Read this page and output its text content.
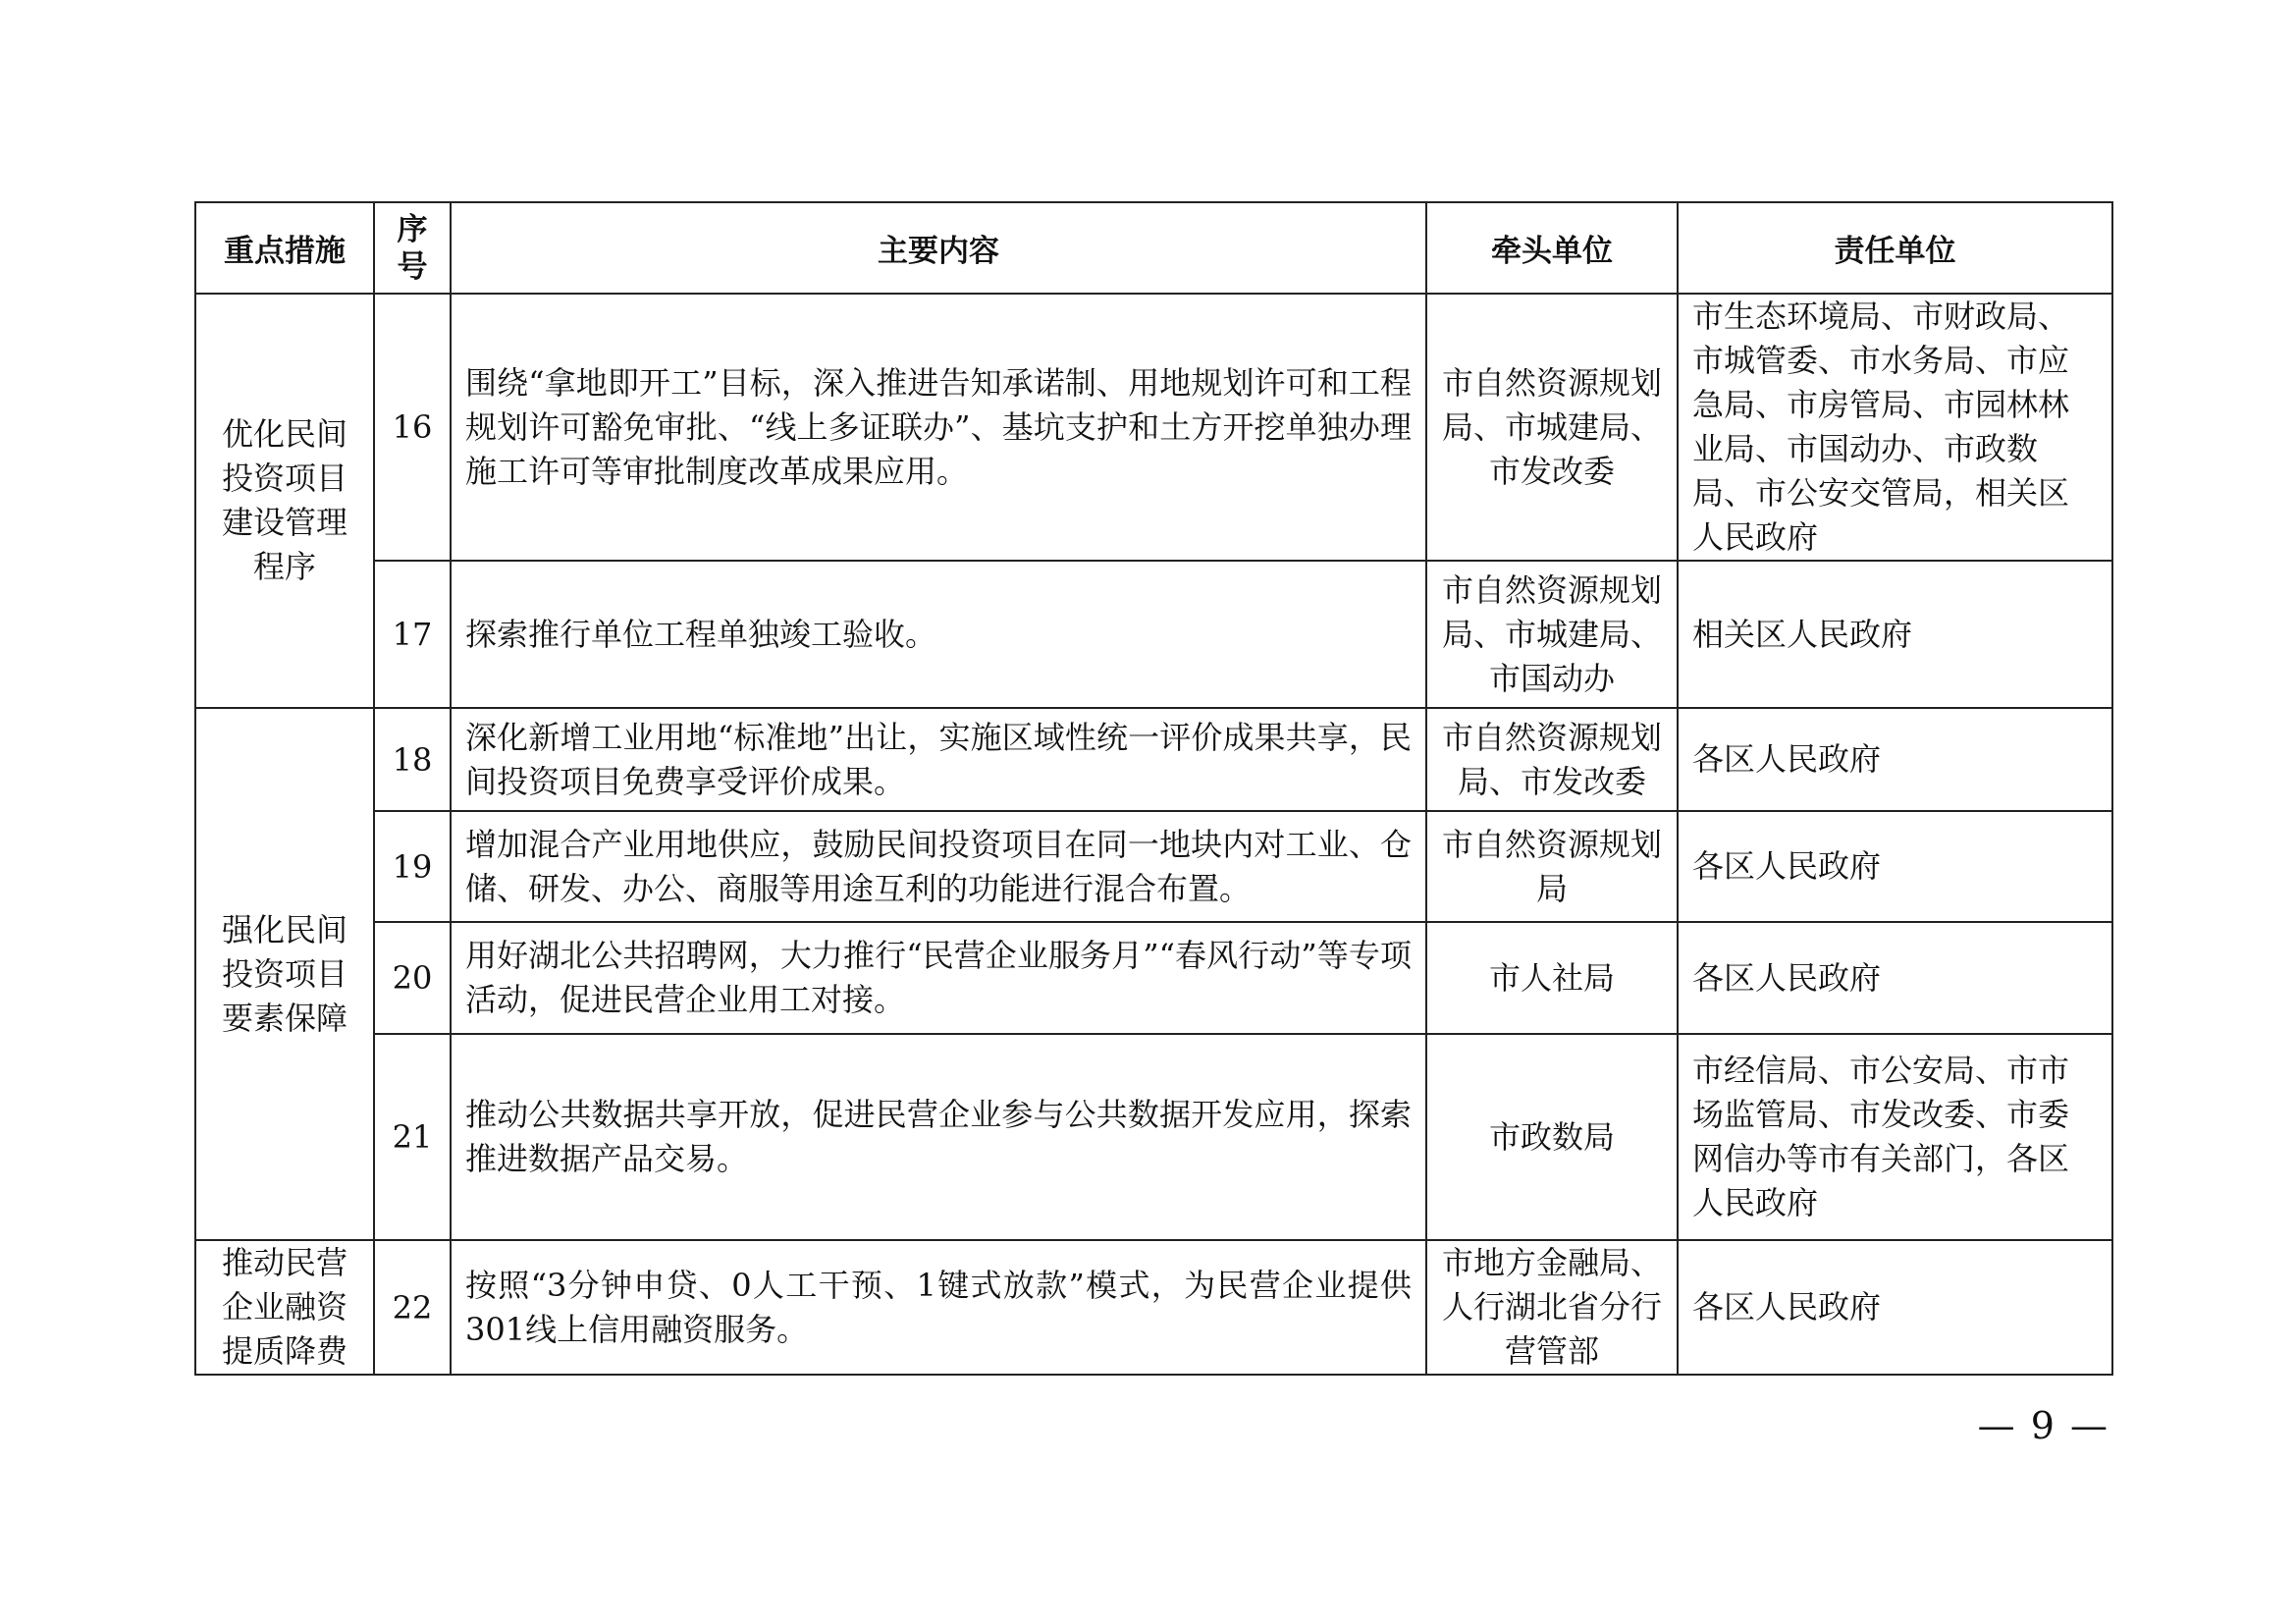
重点措施	序号	主要内容	牵头单位	责任单位
优化民间投资项目建设管理程序	16	围绕“拿地即开工”目标，深入推进告知承诺制、用地规划许可和工程规划许可豁免审批、“线上多证联办”、基坑支护和土方开挖单独办理施工许可等审批制度改革成果应用。	市自然资源规划局、市城建局、市发改委	市生态环境局、市财政局、市城管委、市水务局、市应急局、市房管局、市园林林业局、市国动办、市政数局、市公安交管局，相关区人民政府
	17	探索推行单位工程单独竣工验收。	市自然资源规划局、市城建局、市国动办	相关区人民政府
强化民间投资项目要素保障	18	深化新增工业用地“标准地”出让，实施区域性统一评价成果共享，民间投资项目免费享受评价成果。	市自然资源规划局、市发改委	各区人民政府
	19	增加混合产业用地供应，鼓励民间投资项目在同一地块内对工业、仓储、研发、办公、商服等用途互利的功能进行混合布置。	市自然资源规划局	各区人民政府
	20	用好湖北公共招聘网，大力推行“民营企业服务月”“春风行动”等专项活动，促进民营企业用工对接。	市人社局	各区人民政府
	21	推动公共数据共享开放，促进民营企业参与公共数据开发应用，探索推进数据产品交易。	市政数局	市经信局、市公安局、市市场监管局、市发改委、市委网信办等市有关部门，各区人民政府
推动民营企业融资提质降费	22	按照“3分钟申贷、0人工干预、1键式放款”模式，为民营企业提供301线上信用融资服务。	市地方金融局、人行湖北省分行营管部	各区人民政府
— 9 —
